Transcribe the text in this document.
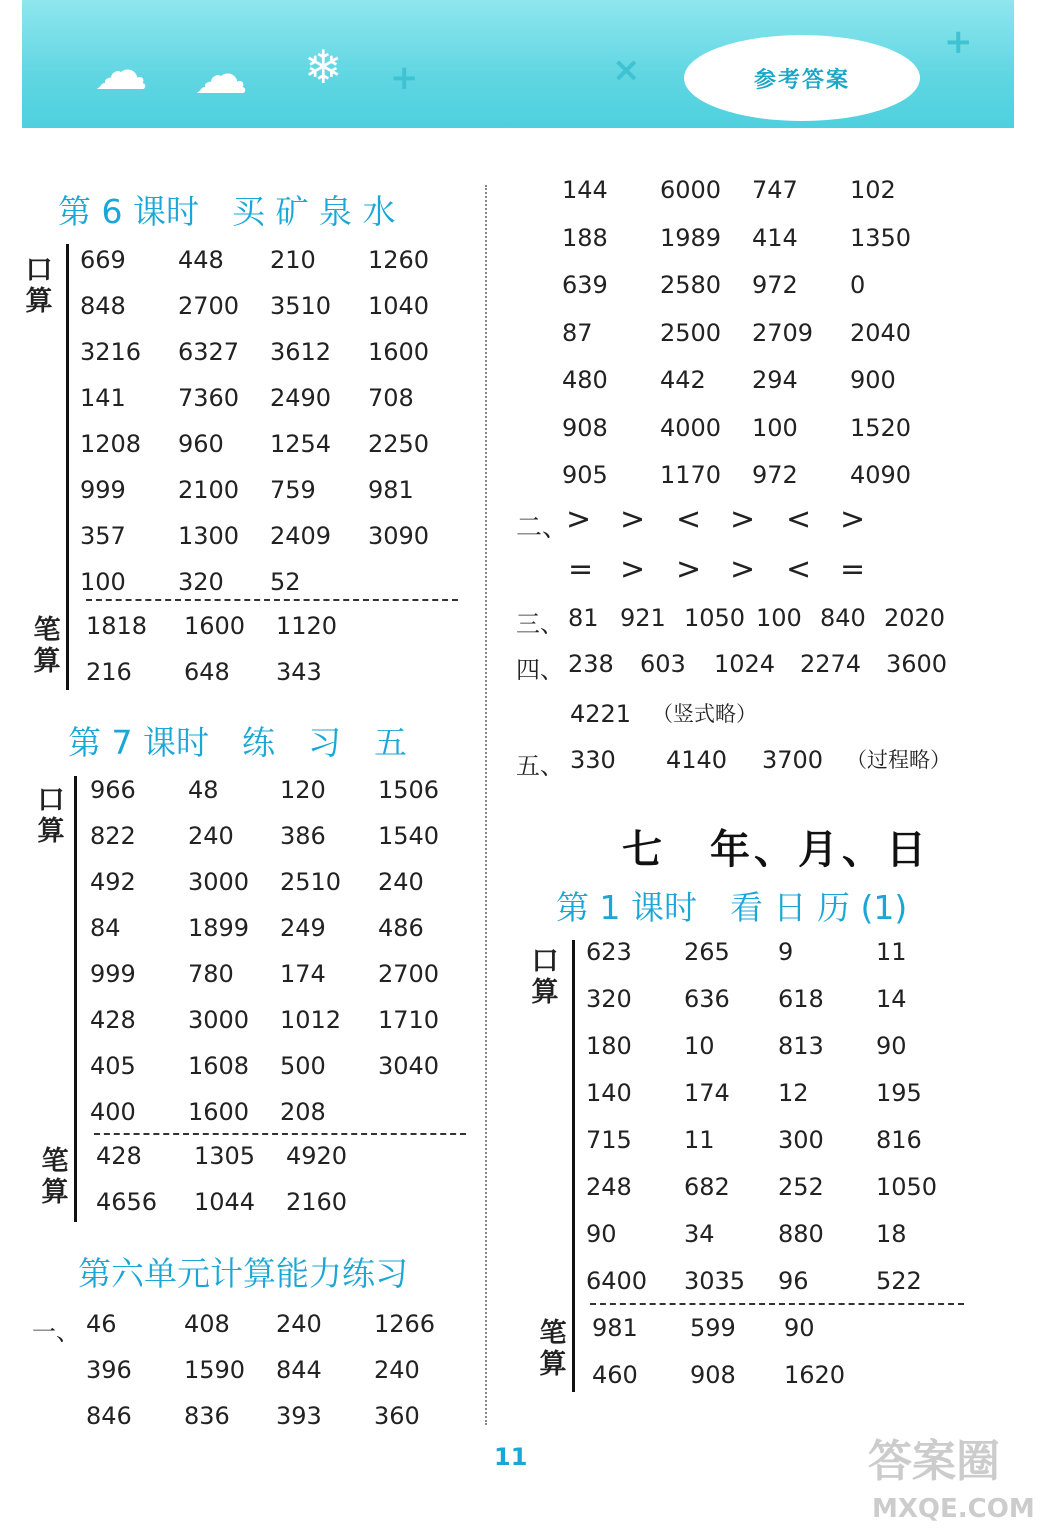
☁ ☁ ❄ +	×
+
参考答案
第 6 课时　买 矿 泉 水
口算
笔算
669 448 210 1260
848 2700 3510 1040
3216 6327 3612 1600
141 7360 2490 708
1208 960 1254 2250
999 2100 759 981
357 1300 2409 3090
100 320 52
1818 1600 1120
216 648 343
第 7 课时　练　习　五
口算
笔算
966 48	120 1506
822 240 386 1540
492 3000 2510 240
84	1899 249 486
999 780 174 2700
428 3000 1012 1710
405 1608 500 3040
400 1600 208
428 1305 4920
4656 1044 2160
第六单元计算能力练习
一、 46	408 240 1266
396 1590 844 240
846 836 393 360
144 6000 747 102
188 1989 414 1350
639 2580 972 0
87	2500 2709 2040
480 442 294 900
908 4000 100 1520
905 1170 972 4090
二、
> > < > < >
= > > > < =
三、 81 921 1050 100 840 2020
四、 238 603 1024 2274 3600
4221 （竖式略）
五、 330 4140 3700 （过程略）
七　年、月、日
第 1 课时　看 日 历 (1)
口算
笔算
623 265 9	11
320 636 618 14
180 10	813 90
140 174 12	195
715 11	300 816
248 682 252 1050
90	34	880 18
6400 3035 96	522
981 599 90
460 908 1620
11	答案圈
MXQE.COM
